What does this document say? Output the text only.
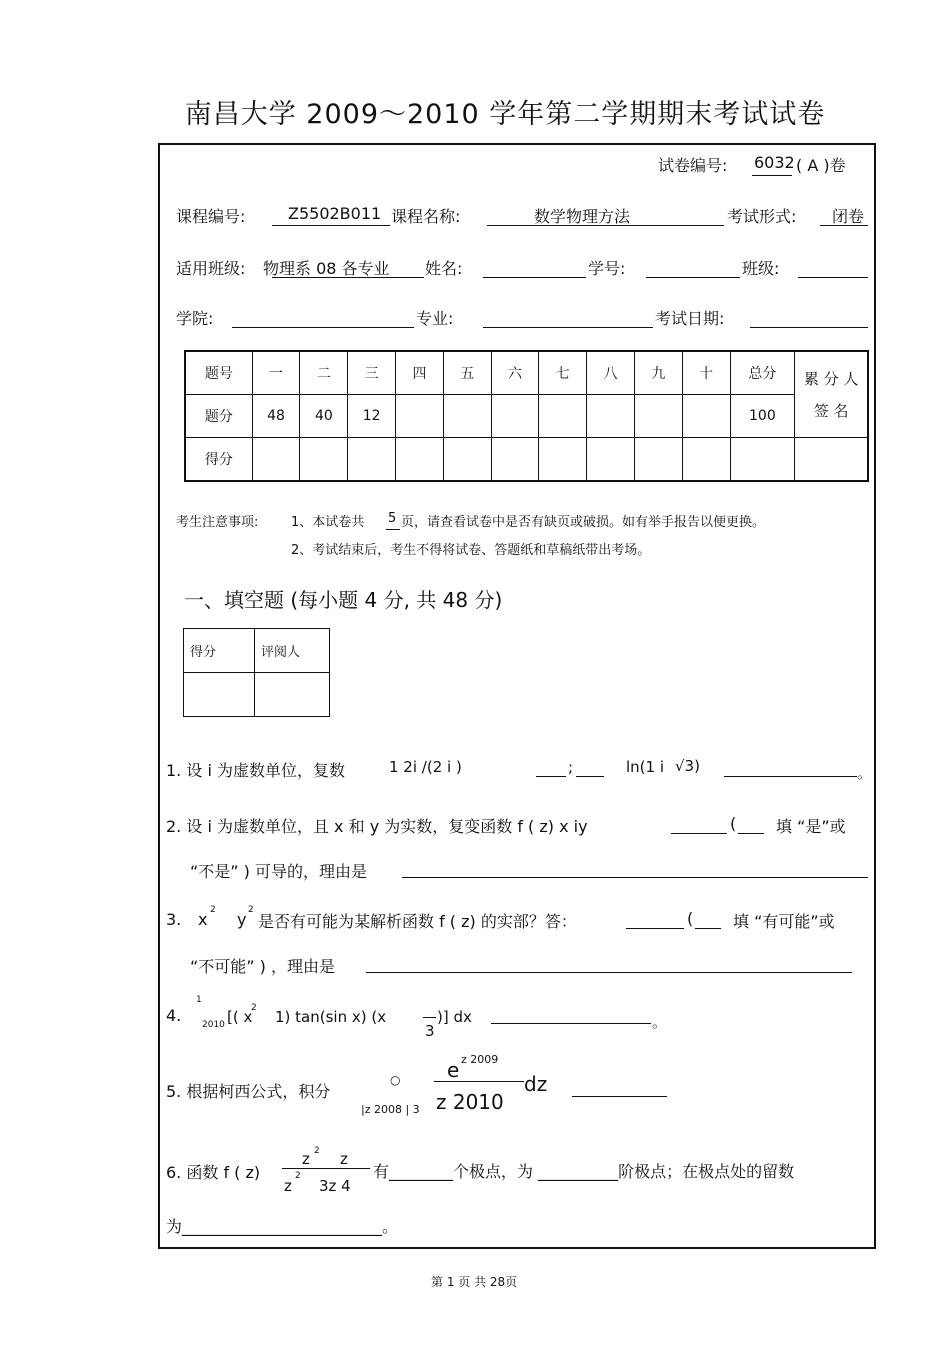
南昌大学 2009～2010 学年第二学期期末考试试卷
试卷编号: 6032 ( A )卷
课程编号:	Z5502B011 课程名称:	数学物理方法	考试形式: 闭卷
适用班级: 物理系 08 各专业 姓名:	学号:	班级:
学院:	专业:	考试日期:
题号	一	二	三	四	五	六	七	八	九	十	总分	累 分 人
签 名
题分	48	40	12								100	
得分												
考生注意事项:	1、本试卷共 5 页，请查看试卷中是否有缺页或破损。如有举手报告以便更换。
2、考试结束后，考生不得将试卷、答题纸和草稿纸带出考场。
一、填空题 (每小题 4 分, 共 48 分)
得分	评阅人

1. 设 i 为虚数单位，复数	1 2i /(2 i )	;	ln(1 i √3)	。
2. 设 i 为虚数单位，且 x 和 y 为实数，复变函数 f ( z) x iy	( 填 “是”或
“不是” ) 可导的，理由是
3. x 2 y 2
是否有可能为某解析函数 f ( z) 的实部？答：	( 填 “有可能”或
“不可能” ) ，理由是
4.
1
2010 [( x
2 1) tan(sin x) (x
3
)] dx	。
5. 根据柯西公式，积分
○
|z 2008 | 3
e z 2009
z 2010
dz
6. 函数 f ( z)
z 2 z
z
2
3z 4
有________个极点，为 __________阶极点；在极点处的留数
为_________________________。
第 1 页 共 28页
